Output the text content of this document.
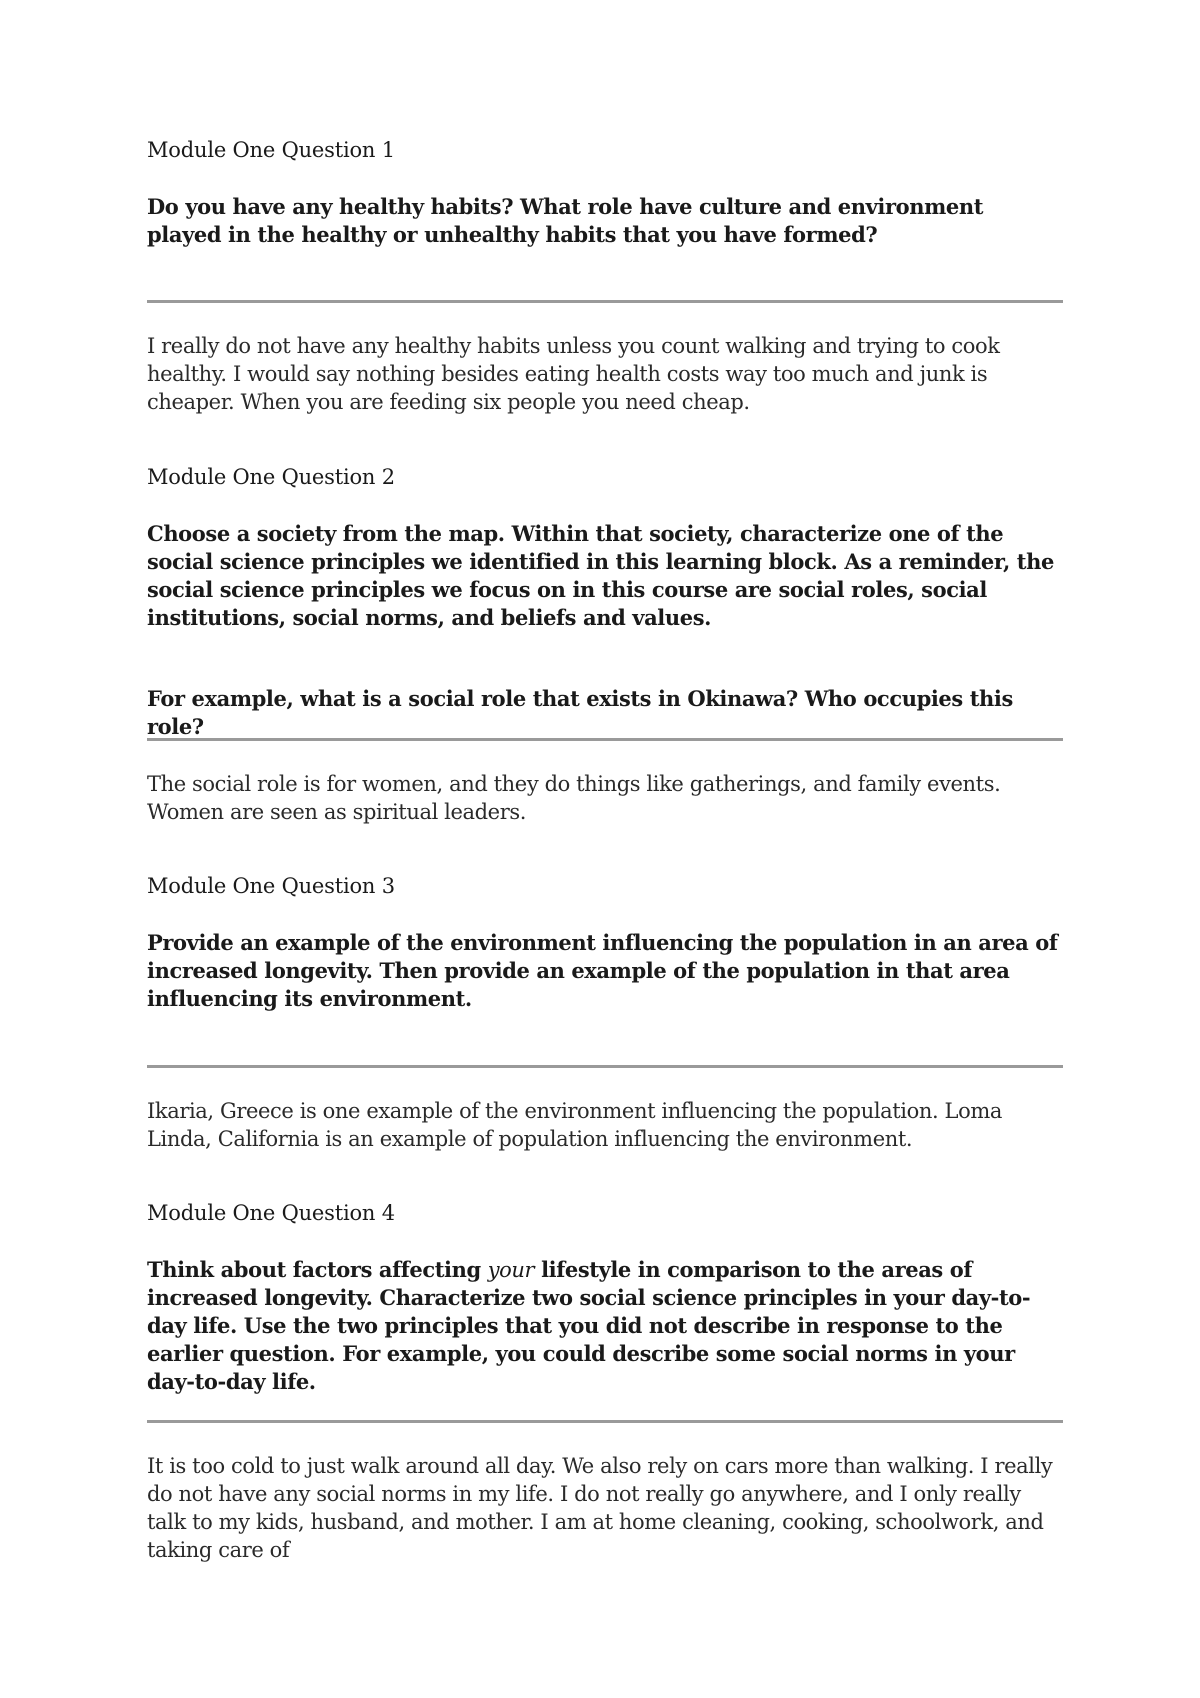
Module One Question 1

Do you have any healthy habits? What role have culture and environment played in the healthy or unhealthy habits that you have formed?

I really do not have any healthy habits unless you count walking and trying to cook healthy. I would say nothing besides eating health costs way too much and junk is cheaper. When you are feeding six people you need cheap.

Module One Question 2

Choose a society from the map. Within that society, characterize one of the social science principles we identified in this learning block. As a reminder, the social science principles we focus on in this course are social roles, social institutions, social norms, and beliefs and values.

For example, what is a social role that exists in Okinawa? Who occupies this role?

The social role is for women, and they do things like gatherings, and family events. Women are seen as spiritual leaders.

Module One Question 3

Provide an example of the environment influencing the population in an area of increased longevity. Then provide an example of the population in that area influencing its environment.

Ikaria, Greece is one example of the environment influencing the population. Loma Linda, California is an example of population influencing the environment.

Module One Question 4

Think about factors affecting your lifestyle in comparison to the areas of increased longevity. Characterize two social science principles in your day-to-day life. Use the two principles that you did not describe in response to the earlier question. For example, you could describe some social norms in your day-to-day life.

It is too cold to just walk around all day. We also rely on cars more than walking. I really do not have any social norms in my life. I do not really go anywhere, and I only really talk to my kids, husband, and mother. I am at home cleaning, cooking, schoolwork, and taking care of
